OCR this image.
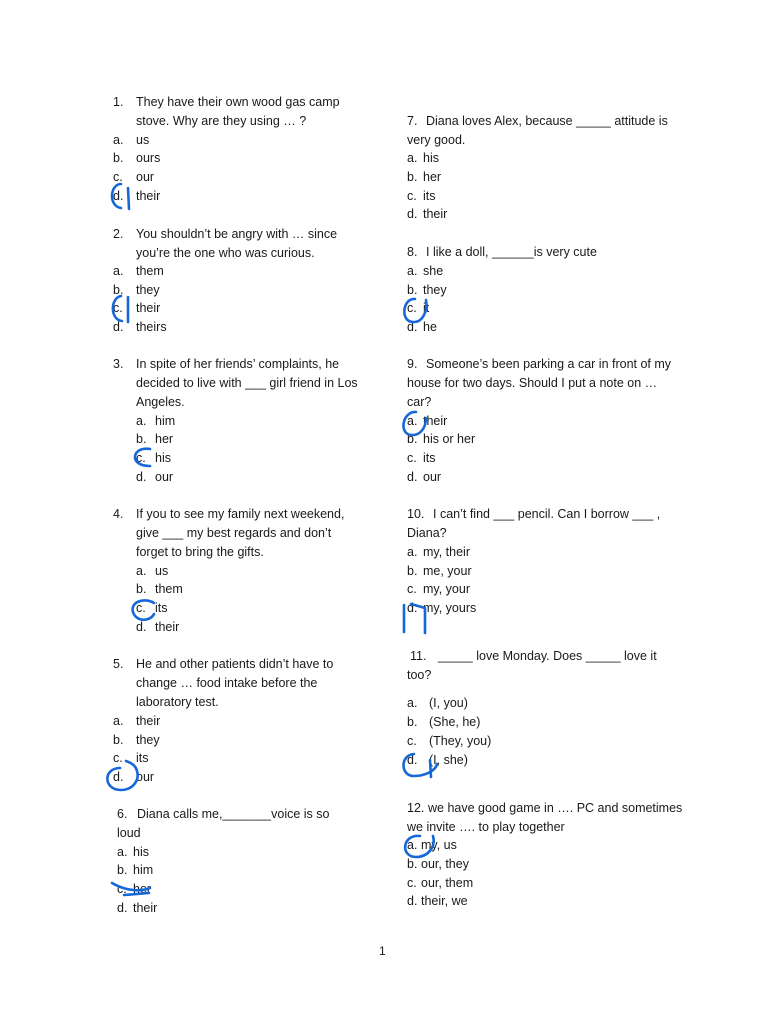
1. They have their own wood gas camp
stove. Why are they using … ?
a. us
b. ours
c. our
d. their
2. You shouldn’t be angry with … since
you’re the one who was curious.
a. them
b. they
c. their
d. theirs
3. In spite of her friends’ complaints, he
decided to live with ___ girl friend in Los
Angeles.
a. him
b. her
c. his
d. our
4. If you to see my family next weekend,
give ___ my best regards and don’t
forget to bring the gifts.
a. us
b. them
c. its
d. their
5. He and other patients didn’t have to
change … food intake before the
laboratory test.
a. their
b. they
c. its
d. our
6. Diana calls me,_______voice is so
loud
a. his
b. him
c. her
d. their
7. Diana loves Alex, because _____ attitude is
very good.
a. his
b. her
c. its
d. their
8. I like a doll, ______is very cute
a. she
b. they
c. it
d. he
9. Someone’s been parking a car in front of my
house for two days. Should I put a note on …
car?
a. their
b. his or her
c. its
d. our
10. I can’t find ___ pencil. Can I borrow ___ ,
Diana?
a. my, their
b. me, your
c. my, your
d. my, yours
11. _____ love Monday. Does _____ love it
too?
a. (I, you)
b. (She, he)
c. (They, you)
d. (I, she)
12. we have good game in …. PC and sometimes
we invite …. to play together
a. my, us
b. our, they
c. our, them
d. their, we
1
